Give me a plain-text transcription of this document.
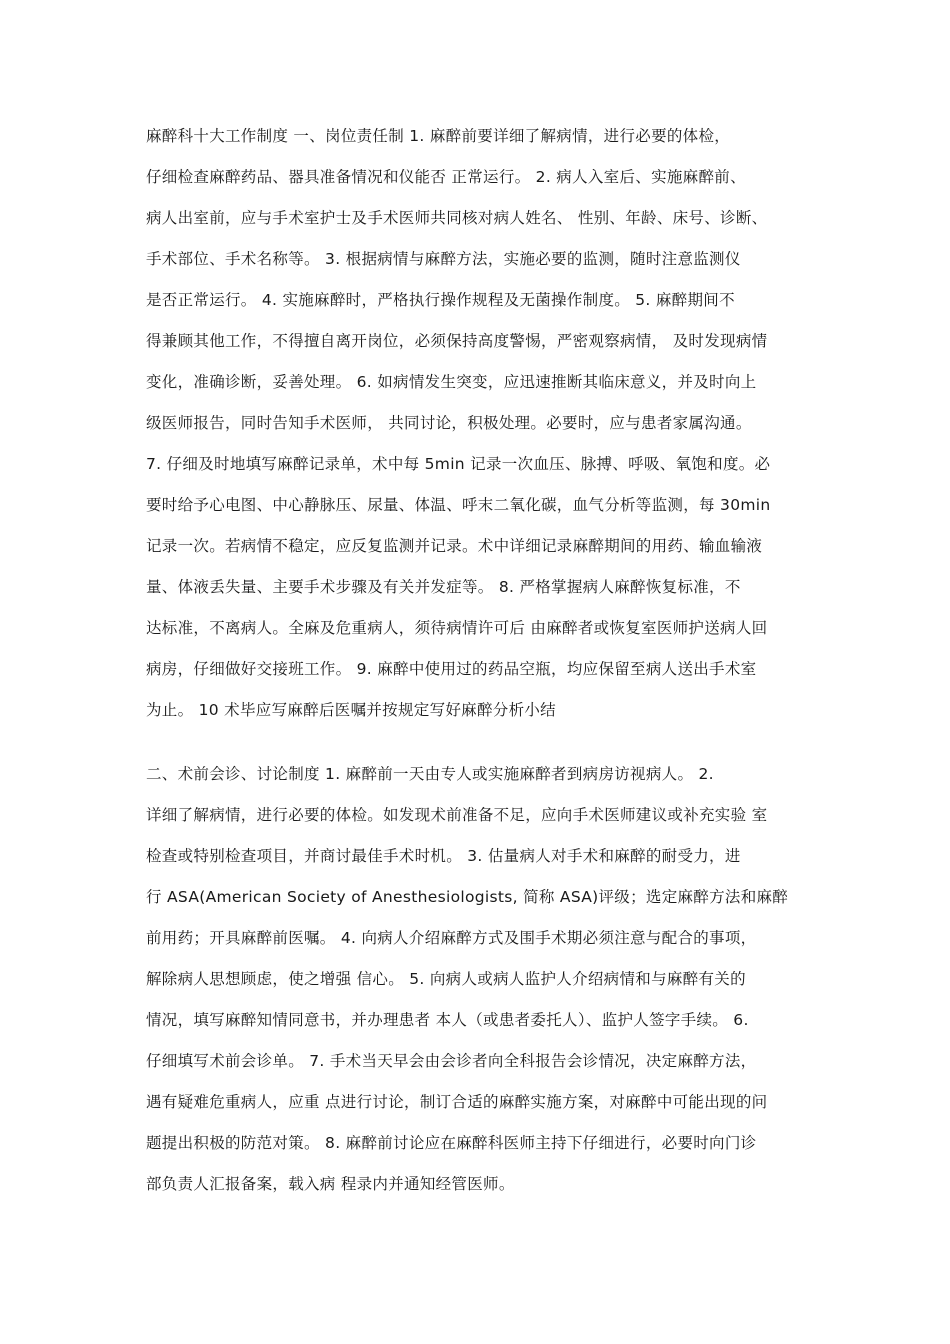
麻醉科十大工作制度 一、岗位责任制 1. 麻醉前要详细了解病情，进行必要的体检，
仔细检查麻醉药品、器具准备情况和仪能否 正常运行。 2. 病人入室后、实施麻醉前、
病人出室前，应与手术室护士及手术医师共同核对病人姓名、 性别、年龄、床号、诊断、
手术部位、手术名称等。 3. 根据病情与麻醉方法，实施必要的监测，随时注意监测仪
是否正常运行。 4. 实施麻醉时，严格执行操作规程及无菌操作制度。 5. 麻醉期间不
得兼顾其他工作，不得擅自离开岗位，必须保持高度警惕，严密观察病情， 及时发现病情
变化，准确诊断，妥善处理。 6. 如病情发生突变，应迅速推断其临床意义，并及时向上
级医师报告，同时告知手术医师， 共同讨论，积极处理。必要时，应与患者家属沟通。
7. 仔细及时地填写麻醉记录单，术中每 5min 记录一次血压、脉搏、呼吸、氧饱和度。必
要时给予心电图、中心静脉压、尿量、体温、呼末二氧化碳，血气分析等监测，每 30min
记录一次。若病情不稳定，应反复监测并记录。术中详细记录麻醉期间的用药、输血输液
量、体液丢失量、主要手术步骤及有关并发症等。 8. 严格掌握病人麻醉恢复标准，不
达标准，不离病人。全麻及危重病人，须待病情许可后 由麻醉者或恢复室医师护送病人回
病房，仔细做好交接班工作。 9. 麻醉中使用过的药品空瓶，均应保留至病人送出手术室
为止。 10 术毕应写麻醉后医嘱并按规定写好麻醉分析小结
二、术前会诊、讨论制度 1. 麻醉前一天由专人或实施麻醉者到病房访视病人。 2.
详细了解病情，进行必要的体检。如发现术前准备不足，应向手术医师建议或补充实验 室
检查或特别检查项目，并商讨最佳手术时机。 3. 估量病人对手术和麻醉的耐受力，进
行 ASA(American Society of Anesthesiologists, 简称 ASA)评级；选定麻醉方法和麻醉
前用药；开具麻醉前医嘱。 4. 向病人介绍麻醉方式及围手术期必须注意与配合的事项，
解除病人思想顾虑，使之增强 信心。 5. 向病人或病人监护人介绍病情和与麻醉有关的
情况，填写麻醉知情同意书，并办理患者 本人（或患者委托人）、监护人签字手续。 6.
仔细填写术前会诊单。 7. 手术当天早会由会诊者向全科报告会诊情况，决定麻醉方法，
遇有疑难危重病人，应重 点进行讨论，制订合适的麻醉实施方案，对麻醉中可能出现的问
题提出积极的防范对策。 8. 麻醉前讨论应在麻醉科医师主持下仔细进行，必要时向门诊
部负责人汇报备案，载入病 程录内并通知经管医师。
